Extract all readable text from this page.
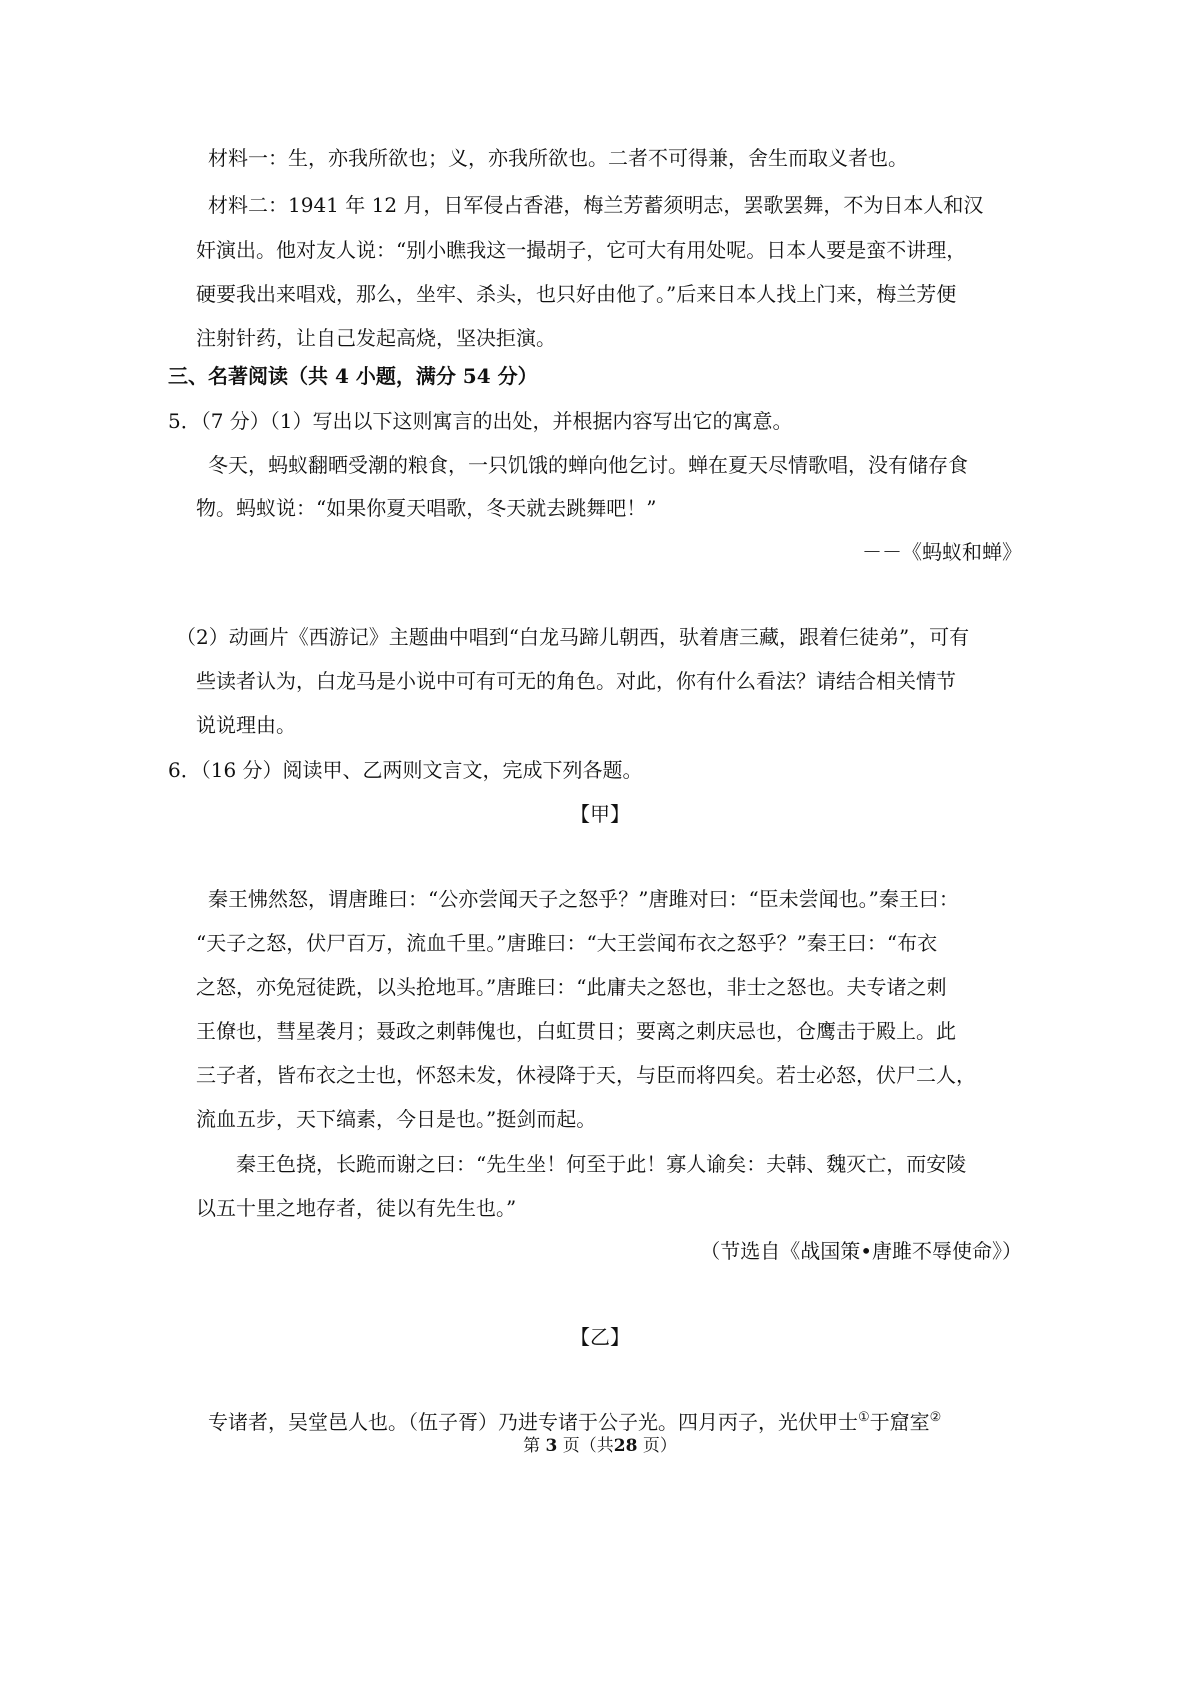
材料一：生，亦我所欲也；义，亦我所欲也。二者不可得兼，舍生而取义者也。
材料二：1941 年 12 月，日军侵占香港，梅兰芳蓄须明志，罢歌罢舞，不为日本人和汉
奸演出。他对友人说：“别小瞧我这一撮胡子，它可大有用处呢。日本人要是蛮不讲理，
硬要我出来唱戏，那么，坐牢、杀头，也只好由他了。”后来日本人找上门来，梅兰芳便
注射针药，让自己发起高烧，坚决拒演。
三、名著阅读（共 4 小题，满分 54 分）
5．（7 分）（1）写出以下这则寓言的出处，并根据内容写出它的寓意。
冬天，蚂蚁翻晒受潮的粮食，一只饥饿的蝉向他乞讨。蝉在夏天尽情歌唱，没有储存食
物。蚂蚁说：“如果你夏天唱歌，冬天就去跳舞吧！”
－－《蚂蚁和蝉》
（2）动画片《西游记》主题曲中唱到“白龙马蹄儿朝西，驮着唐三藏，跟着仨徒弟”，可有
些读者认为，白龙马是小说中可有可无的角色。对此，你有什么看法？请结合相关情节
说说理由。
6．（16 分）阅读甲、乙两则文言文，完成下列各题。
【甲】
秦王怫然怒，谓唐雎曰：“公亦尝闻天子之怒乎？”唐雎对曰：“臣未尝闻也。”秦王曰：
“天子之怒，伏尸百万，流血千里。”唐雎曰：“大王尝闻布衣之怒乎？”秦王曰：“布衣
之怒，亦免冠徒跣，以头抢地耳。”唐雎曰：“此庸夫之怒也，非士之怒也。夫专诸之刺
王僚也，彗星袭月；聂政之刺韩傀也，白虹贯日；要离之刺庆忌也，仓鹰击于殿上。此
三子者，皆布衣之士也，怀怒未发，休祲降于天，与臣而将四矣。若士必怒，伏尸二人，
流血五步，天下缟素，今日是也。”挺剑而起。
秦王色挠，长跪而谢之曰：“先生坐！何至于此！寡人谕矣：夫韩、魏灭亡，而安陵
以五十里之地存者，徒以有先生也。”
（节选自《战国策•唐雎不辱使命》）
【乙】
专诸者，吴堂邑人也。（伍子胥）乃进专诸于公子光。四月丙子，光伏甲士①于窟室②
第 3 页（共28 页）
